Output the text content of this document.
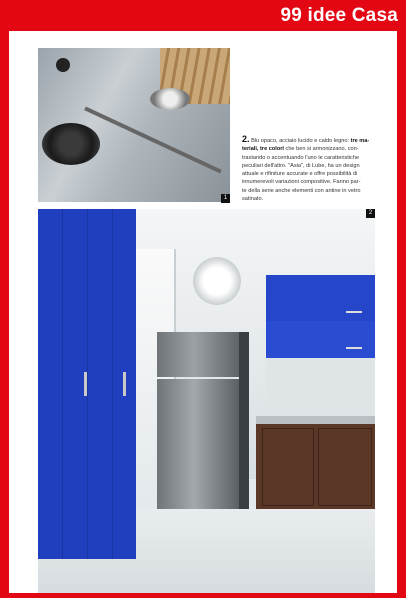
99 idee Casa
1
2. Blu opaco, acciaio lucido e caldo legno: tre ma-
teriali, tre colori che ben si armonizzano, con-
trastando o accentuando l'uno le caratteristiche
peculiari dell'altro. "Asia", di Lube, ha un design
attuale e rifiniture accurate e offre possibilità di
innumerevoli variazioni compositive. Fanno par-
te della serie anche elementi con antine in vetro
satinato.
2
